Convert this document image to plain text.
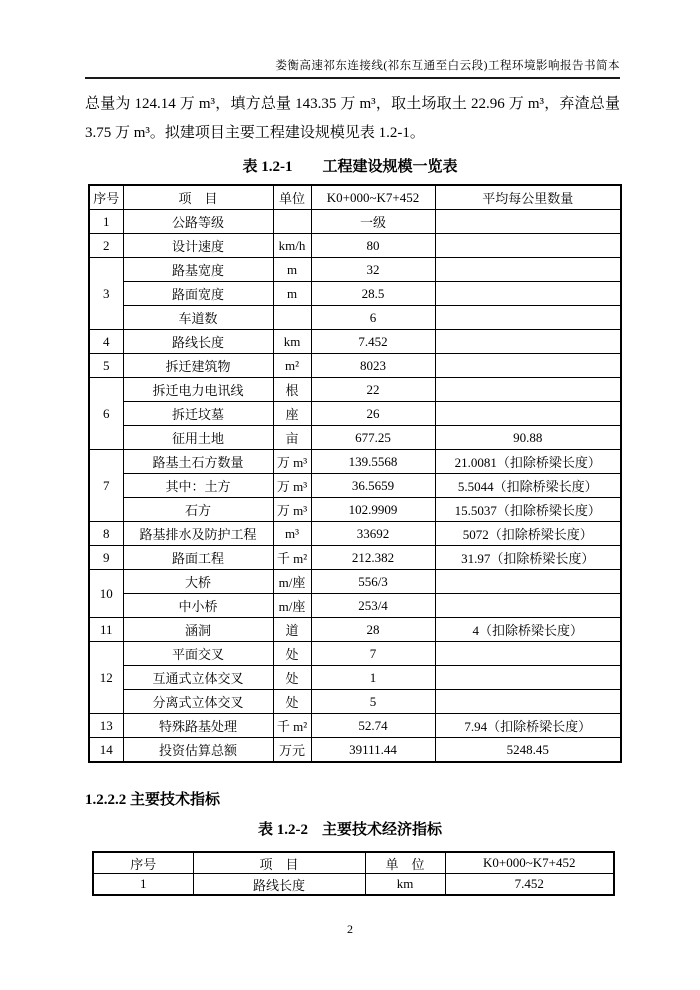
娄衡高速祁东连接线(祁东互通至白云段)工程环境影响报告书简本
总量为 124.14 万 m³，填方总量 143.35 万 m³，取土场取土 22.96 万 m³，弃渣总量 3.75 万 m³。拟建项目主要工程建设规模见表 1.2-1。
表 1.2-1 工程建设规模一览表
序号	项　目	单位	K0+000~K7+452	平均每公里数量
1	公路等级		一级	
2	设计速度	km/h	80	
3	路基宽度	m	32	
	路面宽度	m	28.5	
	车道数		6	
4	路线长度	km	7.452	
5	拆迁建筑物	m²	8023	
6	拆迁电力电讯线	根	22	
	拆迁坟墓	座	26	
	征用土地	亩	677.25	90.88
7	路基土石方数量	万 m³	139.5568	21.0081（扣除桥梁长度）
	其中：土方	万 m³	36.5659	5.5044（扣除桥梁长度）
	石方	万 m³	102.9909	15.5037（扣除桥梁长度）
8	路基排水及防护工程	m³	33692	5072（扣除桥梁长度）
9	路面工程	千 m²	212.382	31.97（扣除桥梁长度）
10	大桥	m/座	556/3	
	中小桥	m/座	253/4	
11	涵洞	道	28	4（扣除桥梁长度）
12	平面交叉	处	7	
	互通式立体交叉	处	1	
	分离式立体交叉	处	5	
13	特殊路基处理	千 m²	52.74	7.94（扣除桥梁长度）
14	投资估算总额	万元	39111.44	5248.45
1.2.2.2 主要技术指标
表 1.2-2 主要技术经济指标
序号	项　目	单　位	K0+000~K7+452
1	路线长度	km	7.452
2
